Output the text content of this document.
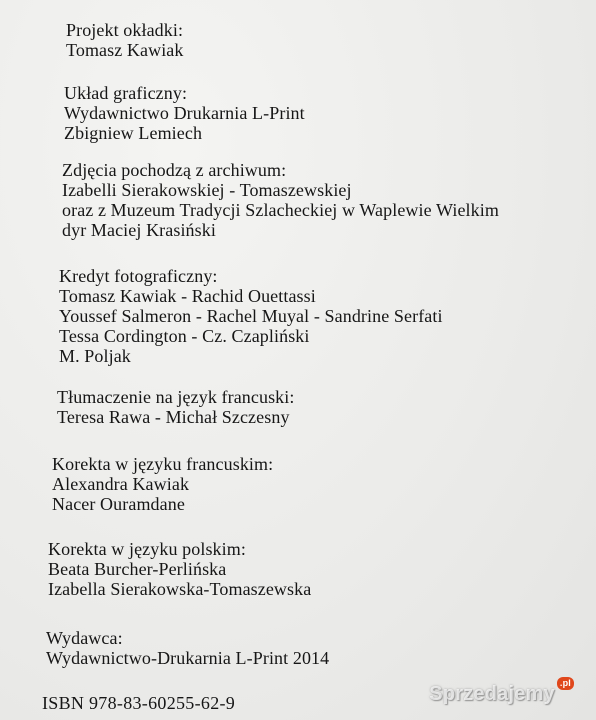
Projekt okładki:
Tomasz Kawiak
Układ graficzny:
Wydawnictwo Drukarnia L-Print
Zbigniew Lemiech
Zdjęcia pochodzą z archiwum:
Izabelli Sierakowskiej - Tomaszewskiej
oraz z Muzeum Tradycji Szlacheckiej w Waplewie Wielkim
dyr Maciej Krasiński
Kredyt fotograficzny:
Tomasz Kawiak - Rachid Ouettassi
Youssef Salmeron - Rachel Muyal - Sandrine Serfati
Tessa Cordington - Cz. Czapliński
M. Poljak
Tłumaczenie na język francuski:
Teresa Rawa - Michał Szczesny
Korekta w języku francuskim:
Alexandra Kawiak
Nacer Ouramdane
Korekta w języku polskim:
Beata Burcher-Perlińska
Izabella Sierakowska-Tomaszewska
Wydawca:
Wydawnictwo-Drukarnia L-Print 2014
ISBN 978-83-60255-62-9	Sprzedajemy .pl
